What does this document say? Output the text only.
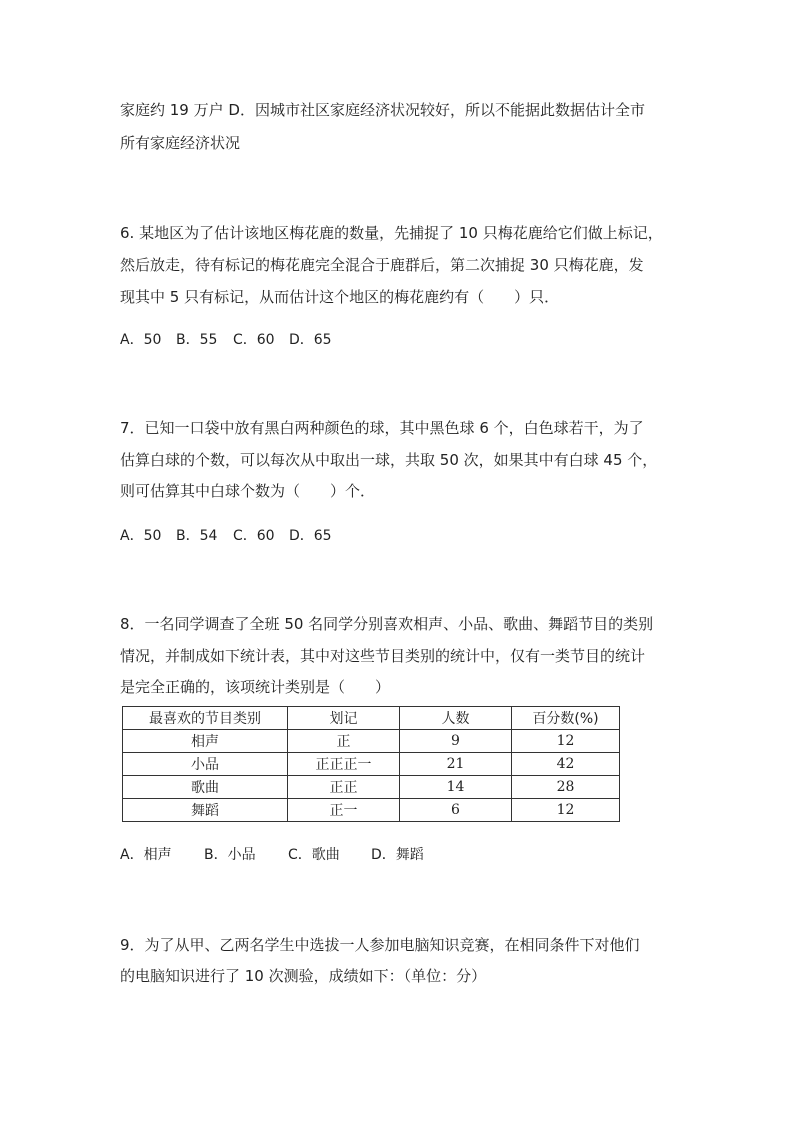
家庭约 19 万户 D．因城市社区家庭经济状况较好，所以不能据此数据估计全市
所有家庭经济状况
6. 某地区为了估计该地区梅花鹿的数量，先捕捉了 10 只梅花鹿给它们做上标记，
然后放走，待有标记的梅花鹿完全混合于鹿群后，第二次捕捉 30 只梅花鹿，发
现其中 5 只有标记，从而估计这个地区的梅花鹿约有（　　）只．
A．50 B．55 C．60 D．65
7．已知一口袋中放有黑白两种颜色的球，其中黑色球 6 个，白色球若干，为了
估算白球的个数，可以每次从中取出一球，共取 50 次，如果其中有白球 45 个，
则可估算其中白球个数为（　　）个．
A．50 B．54 C．60 D．65
8．一名同学调查了全班 50 名同学分别喜欢相声、小品、歌曲、舞蹈节目的类别
情况，并制成如下统计表，其中对这些节目类别的统计中，仅有一类节目的统计
是完全正确的，该项统计类别是（　　）
最喜欢的节目类别	划记	人数	百分数(%)
相声	正	9	12
小品	正正正一	21	42
歌曲	正正	14	28
舞蹈	正一	6	12
A．相声 B．小品 C．歌曲 D．舞蹈
9．为了从甲、乙两名学生中选拔一人参加电脑知识竞赛，在相同条件下对他们
的电脑知识进行了 10 次测验，成绩如下：（单位：分）
